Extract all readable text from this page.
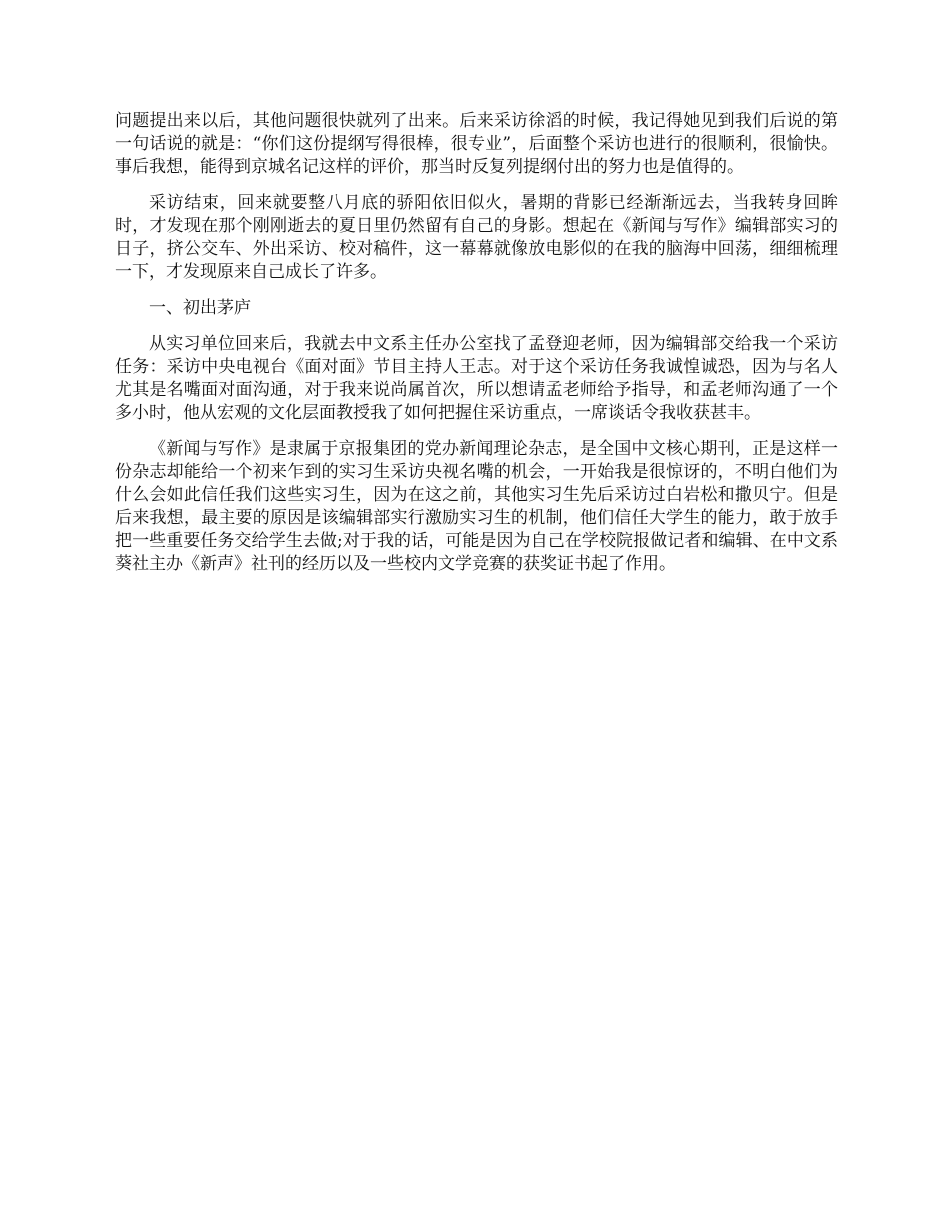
问题提出来以后，其他问题很快就列了出来。后来采访徐滔的时候，我记得她见到我们后说的第一句话说的就是：“你们这份提纲写得很棒，很专业”，后面整个采访也进行的很顺利，很愉快。事后我想，能得到京城名记这样的评价，那当时反复列提纲付出的努力也是值得的。

采访结束，回来就要整八月底的骄阳依旧似火，暑期的背影已经渐渐远去，当我转身回眸时，才发现在那个刚刚逝去的夏日里仍然留有自己的身影。想起在《新闻与写作》编辑部实习的日子，挤公交车、外出采访、校对稿件，这一幕幕就像放电影似的在我的脑海中回荡，细细梳理一下，才发现原来自己成长了许多。

一、初出茅庐

从实习单位回来后，我就去中文系主任办公室找了孟登迎老师，因为编辑部交给我一个采访任务：采访中央电视台《面对面》节目主持人王志。对于这个采访任务我诚惶诚恐，因为与名人尤其是名嘴面对面沟通，对于我来说尚属首次，所以想请孟老师给予指导，和孟老师沟通了一个多小时，他从宏观的文化层面教授我了如何把握住采访重点，一席谈话令我收获甚丰。

《新闻与写作》是隶属于京报集团的党办新闻理论杂志，是全国中文核心期刊，正是这样一份杂志却能给一个初来乍到的实习生采访央视名嘴的机会，一开始我是很惊讶的，不明白他们为什么会如此信任我们这些实习生，因为在这之前，其他实习生先后采访过白岩松和撒贝宁。但是后来我想，最主要的原因是该编辑部实行激励实习生的机制，他们信任大学生的能力，敢于放手把一些重要任务交给学生去做;对于我的话，可能是因为自己在学校院报做记者和编辑、在中文系葵社主办《新声》社刊的经历以及一些校内文学竞赛的获奖证书起了作用。
